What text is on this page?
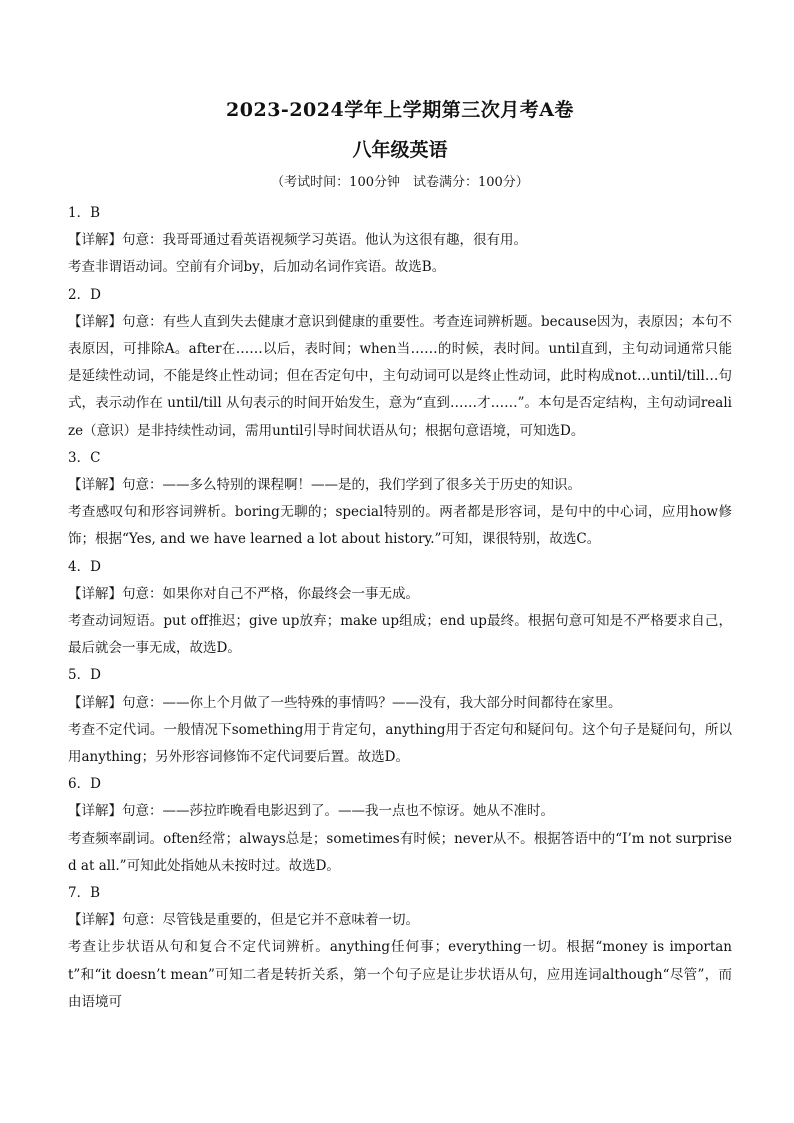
2023-2024学年上学期第三次月考A卷
八年级英语
（考试时间：100分钟　试卷满分：100分）

1．B

【详解】句意：我哥哥通过看英语视频学习英语。他认为这很有趣，很有用。

考查非谓语动词。空前有介词by，后加动名词作宾语。故选B。

2．D

【详解】句意：有些人直到失去健康才意识到健康的重要性。考查连词辨析题。because因为，表原因；本句不表原因，可排除A。after在……以后，表时间；when当……的时候，表时间。until直到，主句动词通常只能是延续性动词，不能是终止性动词；但在否定句中，主句动词可以是终止性动词，此时构成not…until/till…句式，表示动作在 until/till 从句表示的时间开始发生，意为“直到……才……”。本句是否定结构，主句动词realize（意识）是非持续性动词，需用until引导时间状语从句；根据句意语境，可知选D。

3．C

【详解】句意：——多么特别的课程啊！——是的，我们学到了很多关于历史的知识。

考查感叹句和形容词辨析。boring无聊的；special特别的。两者都是形容词，是句中的中心词，应用how修饰；根据“Yes, and we have learned a lot about history.”可知，课很特别，故选C。

4．D

【详解】句意：如果你对自己不严格，你最终会一事无成。

考查动词短语。put off推迟；give up放弃；make up组成；end up最终。根据句意可知是不严格要求自己，最后就会一事无成，故选D。

5．D

【详解】句意：——你上个月做了一些特殊的事情吗？——没有，我大部分时间都待在家里。

考查不定代词。一般情况下something用于肯定句，anything用于否定句和疑问句。这个句子是疑问句，所以用anything；另外形容词修饰不定代词要后置。故选D。

6．D

【详解】句意：——莎拉昨晚看电影迟到了。——我一点也不惊讶。她从不准时。

考查频率副词。often经常；always总是；sometimes有时候；never从不。根据答语中的“I’m not surprised at all.”可知此处指她从未按时过。故选D。

7．B

【详解】句意：尽管钱是重要的，但是它并不意味着一切。

考查让步状语从句和复合不定代词辨析。anything任何事；everything一切。根据“money is important”和“it doesn’t mean”可知二者是转折关系，第一个句子应是让步状语从句，应用连词although“尽管”，而由语境可
